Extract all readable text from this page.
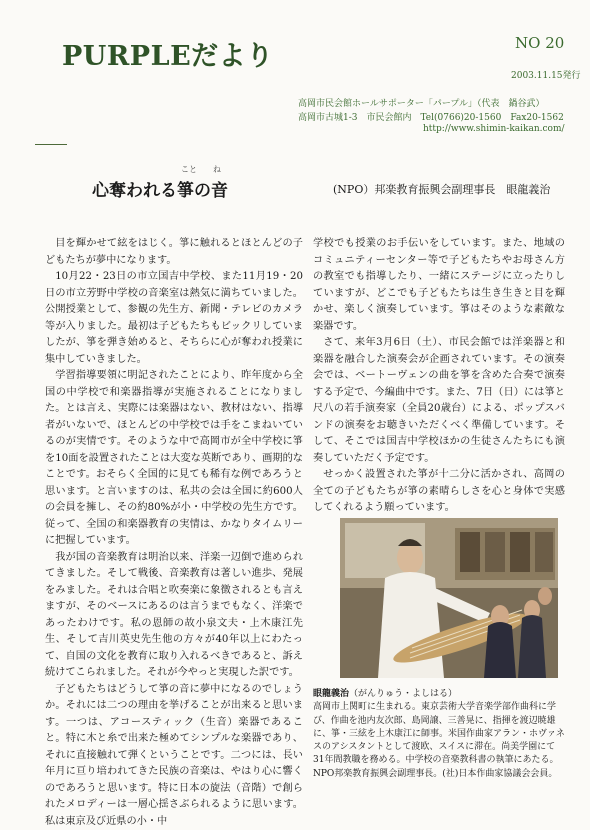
PURPLEだより	NO 20
2003.11.15発行
高岡市民会館ホールサポーター「パープル」（代表　鍋谷武）
高岡市古城1-3　市民会館内　Tel(0766)20-1560　Fax20-1562
http://www.shimin-kaikan.com/
こと　　ね
心奪われる箏の音	(NPO）邦楽教育振興会副理事長　眼龍義治

目を輝かせて絃をはじく。箏に触れるとほとんどの子どもたちが夢中になります。

10月22・23日の市立国吉中学校、また11月19・20日の市立芳野中学校の音楽室は熱気に満ちていました。公開授業として、参観の先生方、新聞・テレビのカメラ等が入りました。最初は子どもたちもビックリしていましたが、箏を弾き始めると、そちらに心が奪われ授業に集中していきました。

学習指導要領に明記されたことにより、昨年度から全国の中学校で和楽器指導が実施されることになりました。とは言え、実際には楽器はない、教材はない、指導者がいないで、ほとんどの中学校では手をこまねいているのが実情です。そのような中で高岡市が全中学校に箏を10面を設置されたことは大変な英断であり、画期的なことです。おそらく全国的に見ても稀有な例であろうと思います。と言いますのは、私共の会は全国に約600人の会員を擁し、その約80%が小・中学校の先生方です。従って、全国の和楽器教育の実情は、かなりタイムリーに把握しています。

我が国の音楽教育は明治以来、洋楽一辺倒で進められてきました。そして戦後、音楽教育は著しい進歩、発展をみました。それは合唱と吹奏楽に象徴されるとも言えますが、そのベースにあるのは言うまでもなく、洋楽であったわけです。私の恩師の故小泉文夫・上木康江先生、そして吉川英史先生他の方々が40年以上にわたって、自国の文化を教育に取り入れるべきであると、訴え続けてこられました。それが今やっと実現した訳です。

子どもたちはどうして箏の音に夢中になるのでしょうか。それには二つの理由を挙げることが出来ると思います。一つは、アコースティック（生音）楽器であること。特に木と糸で出来た極めてシンプルな楽器であり、それに直接触れて弾くということです。二つには、長い年月に亘り培われてきた民族の音楽は、やはり心に響くのであろうと思います。特に日本の旋法（音階）で創られたメロディーは一層心揺さぶられるように思います。私は東京及び近県の小・中

学校でも授業のお手伝いをしています。また、地域のコミュニティーセンター等で子どもたちやお母さん方の教室でも指導したり、一緒にステージに立ったりしていますが、どこでも子どもたちは生き生きと目を輝かせ、楽しく演奏しています。箏はそのような素敵な楽器です。

さて、来年3月6日（土）、市民会館では洋楽器と和楽器を融合した演奏会が企画されています。その演奏会では、ベートーヴェンの曲を箏を含めた合奏で演奏する予定で、今編曲中です。また、7日（日）には箏と尺八の若手演奏家（全員20歳台）による、ポップスバンドの演奏をお聴きいただくべく準備しています。そして、そこでは国吉中学校ほかの生徒さんたちにも演奏していただく予定です。

せっかく設置された箏が十二分に活かされ、高岡の全ての子どもたちが箏の素晴らしさを心と身体で実感してくれるよう願っています。

眼龍義治（がんりゅう・よしはる）
高岡市上関町に生まれる。東京芸術大学音楽学部作曲科に学び、作曲を池内友次郎、島岡譲、三善晃に、指揮を渡辺暁雄に、箏・三絃を上木康江に師事。米国作曲家アラン・ホヴァネスのアシスタントとして渡欧、スイスに滞在。尚美学園にて31年間教職を務める。中学校の音楽教科書の執筆にあたる。
NPO邦楽教育振興会副理事長。(社)日本作曲家協議会会員。
